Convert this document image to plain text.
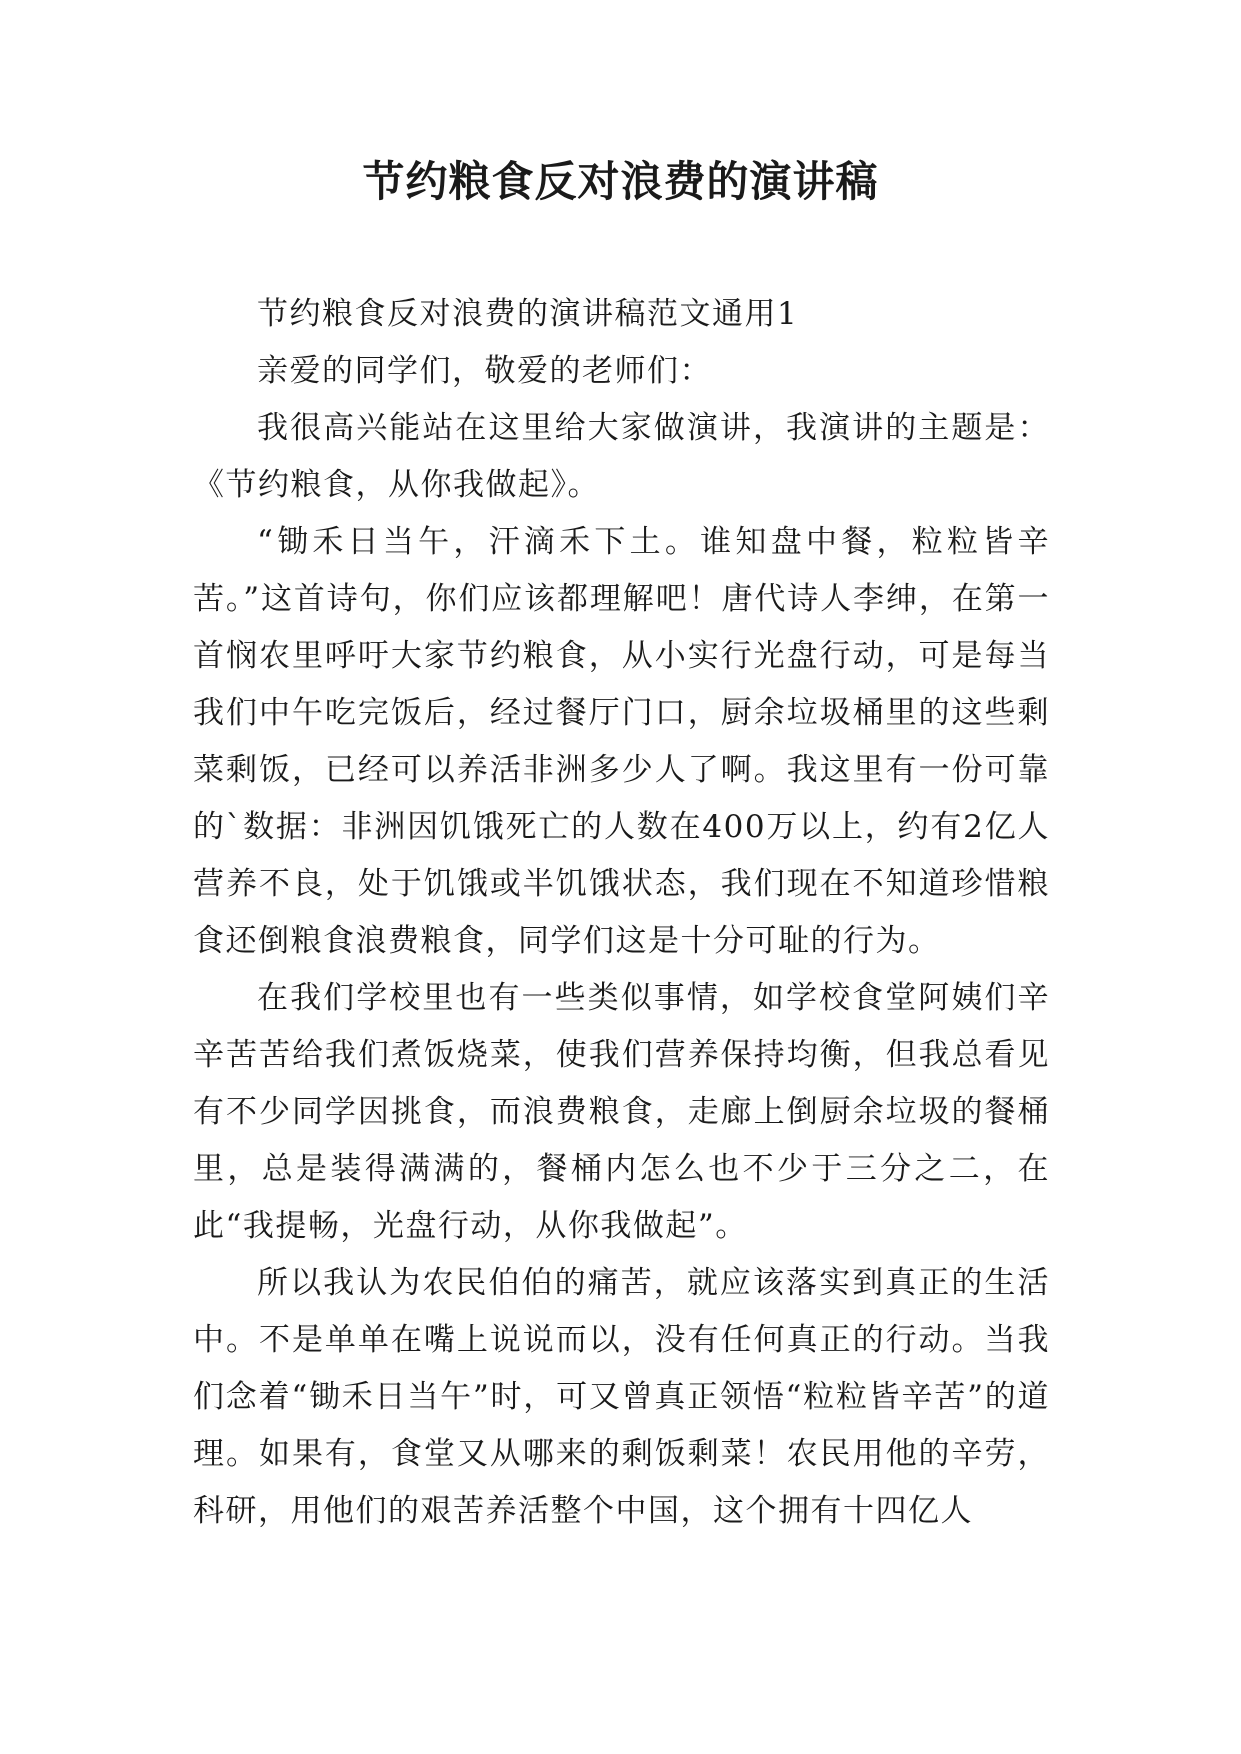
节约粮食反对浪费的演讲稿

节约粮食反对浪费的演讲稿范文通用1

亲爱的同学们，敬爱的老师们：

我很高兴能站在这里给大家做演讲，我演讲的主题是：《节约粮食，从你我做起》。

“锄禾日当午，汗滴禾下土。谁知盘中餐，粒粒皆辛苦。”这首诗句，你们应该都理解吧！唐代诗人李绅，在第一首悯农里呼吁大家节约粮食，从小实行光盘行动，可是每当我们中午吃完饭后，经过餐厅门口，厨余垃圾桶里的这些剩菜剩饭，已经可以养活非洲多少人了啊。我这里有一份可靠的`数据：非洲因饥饿死亡的人数在400万以上，约有2亿人营养不良，处于饥饿或半饥饿状态，我们现在不知道珍惜粮食还倒粮食浪费粮食，同学们这是十分可耻的行为。

在我们学校里也有一些类似事情，如学校食堂阿姨们辛辛苦苦给我们煮饭烧菜，使我们营养保持均衡，但我总看见有不少同学因挑食，而浪费粮食，走廊上倒厨余垃圾的餐桶里，总是装得满满的，餐桶内怎么也不少于三分之二，在此“我提畅，光盘行动，从你我做起”。

所以我认为农民伯伯的痛苦，就应该落实到真正的生活中。不是单单在嘴上说说而以，没有任何真正的行动。当我们念着“锄禾日当午”时，可又曾真正领悟“粒粒皆辛苦”的道理。如果有，食堂又从哪来的剩饭剩菜！农民用他的辛劳，科研，用他们的艰苦养活整个中国，这个拥有十四亿人
